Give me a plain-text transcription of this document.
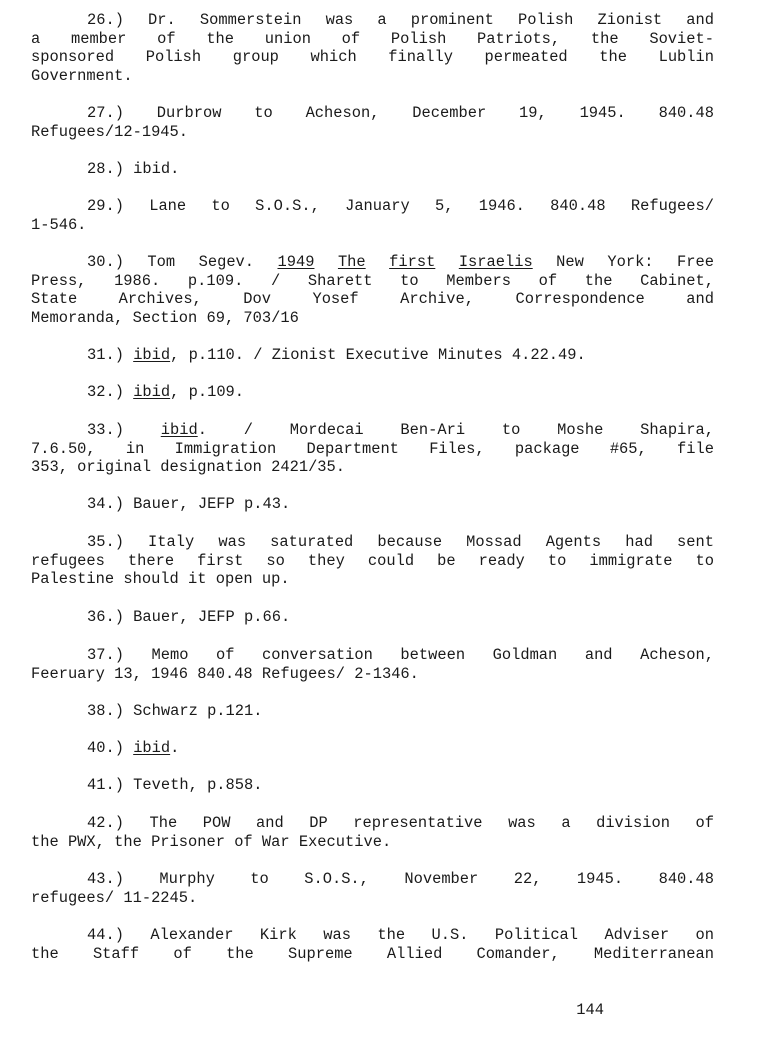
26.) Dr. Sommerstein was a prominent Polish Zionist and
a member of the union of Polish Patriots, the Soviet-
sponsored Polish group which finally permeated the Lublin
Government.
27.) Durbrow to Acheson, December 19, 1945. 840.48
Refugees/12-1945.
28.) ibid.
29.) Lane to S.O.S., January 5, 1946. 840.48 Refugees/
1-546.
30.) Tom Segev. 1949 The first Israelis New York: Free
Press, 1986. p.109. / Sharett to Members of the Cabinet,
State Archives, Dov Yosef Archive, Correspondence and
Memoranda, Section 69, 703/16
31.) ibid, p.110. / Zionist Executive Minutes 4.22.49.
32.) ibid, p.109.
33.) ibid. / Mordecai Ben-Ari to Moshe Shapira,
7.6.50, in Immigration Department Files, package #65, file
353, original designation 2421/35.
34.) Bauer, JEFP p.43.
35.) Italy was saturated because Mossad Agents had sent
refugees there first so they could be ready to immigrate to
Palestine should it open up.
36.) Bauer, JEFP p.66.
37.) Memo of conversation between Goldman and Acheson,
Feeruary 13, 1946 840.48 Refugees/ 2-1346.
38.) Schwarz p.121.
40.) ibid.
41.) Teveth, p.858.
42.) The POW and DP representative was a division of
the PWX, the Prisoner of War Executive.
43.) Murphy to S.O.S., November 22, 1945. 840.48
refugees/ 11-2245.
44.) Alexander Kirk was the U.S. Political Adviser on
the Staff of the Supreme Allied Comander, Mediterranean
144
